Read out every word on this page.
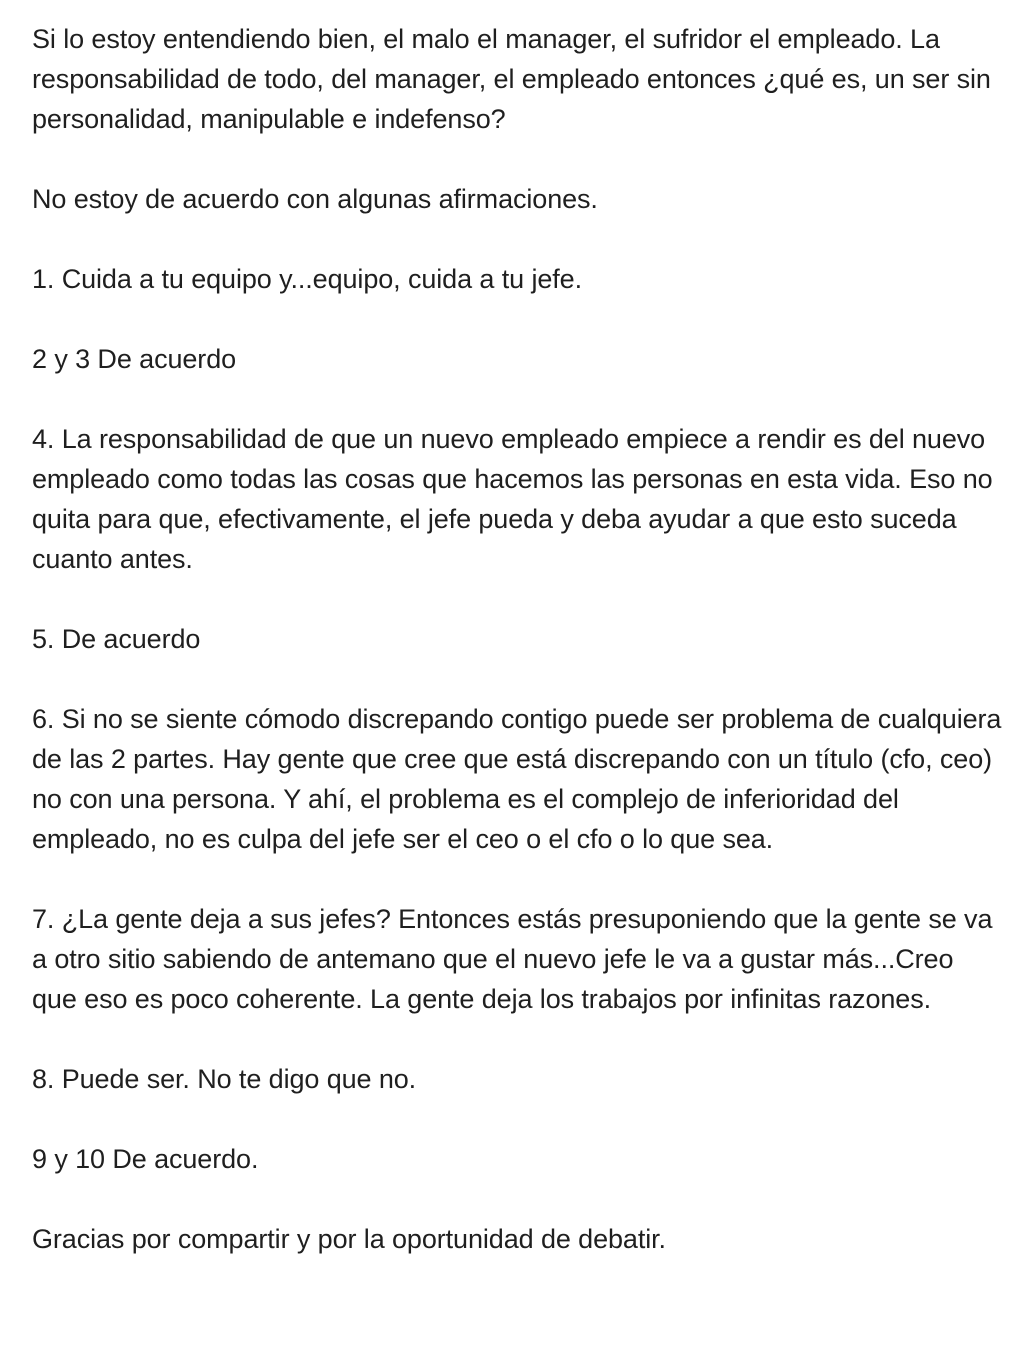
Si lo estoy entendiendo bien, el malo el manager, el sufridor el empleado. La responsabilidad de todo, del manager, el empleado entonces ¿qué es, un ser sin personalidad, manipulable e indefenso?

No estoy de acuerdo con algunas afirmaciones.

1. Cuida a tu equipo y...equipo, cuida a tu jefe.

2 y 3 De acuerdo

4. La responsabilidad de que un nuevo empleado empiece a rendir es del nuevo empleado como todas las cosas que hacemos las personas en esta vida. Eso no quita para que, efectivamente, el jefe pueda y deba ayudar a que esto suceda cuanto antes.

5. De acuerdo

6. Si no se siente cómodo discrepando contigo puede ser problema de cualquiera de las 2 partes. Hay gente que cree que está discrepando con un título (cfo, ceo) no con una persona. Y ahí, el problema es el complejo de inferioridad del empleado, no es culpa del jefe ser el ceo o el cfo o lo que sea.

7. ¿La gente deja a sus jefes? Entonces estás presuponiendo que la gente se va a otro sitio sabiendo de antemano que el nuevo jefe le va a gustar más...Creo que eso es poco coherente. La gente deja los trabajos por infinitas razones.

8. Puede ser. No te digo que no.

9 y 10 De acuerdo.

Gracias por compartir y por la oportunidad de debatir.
